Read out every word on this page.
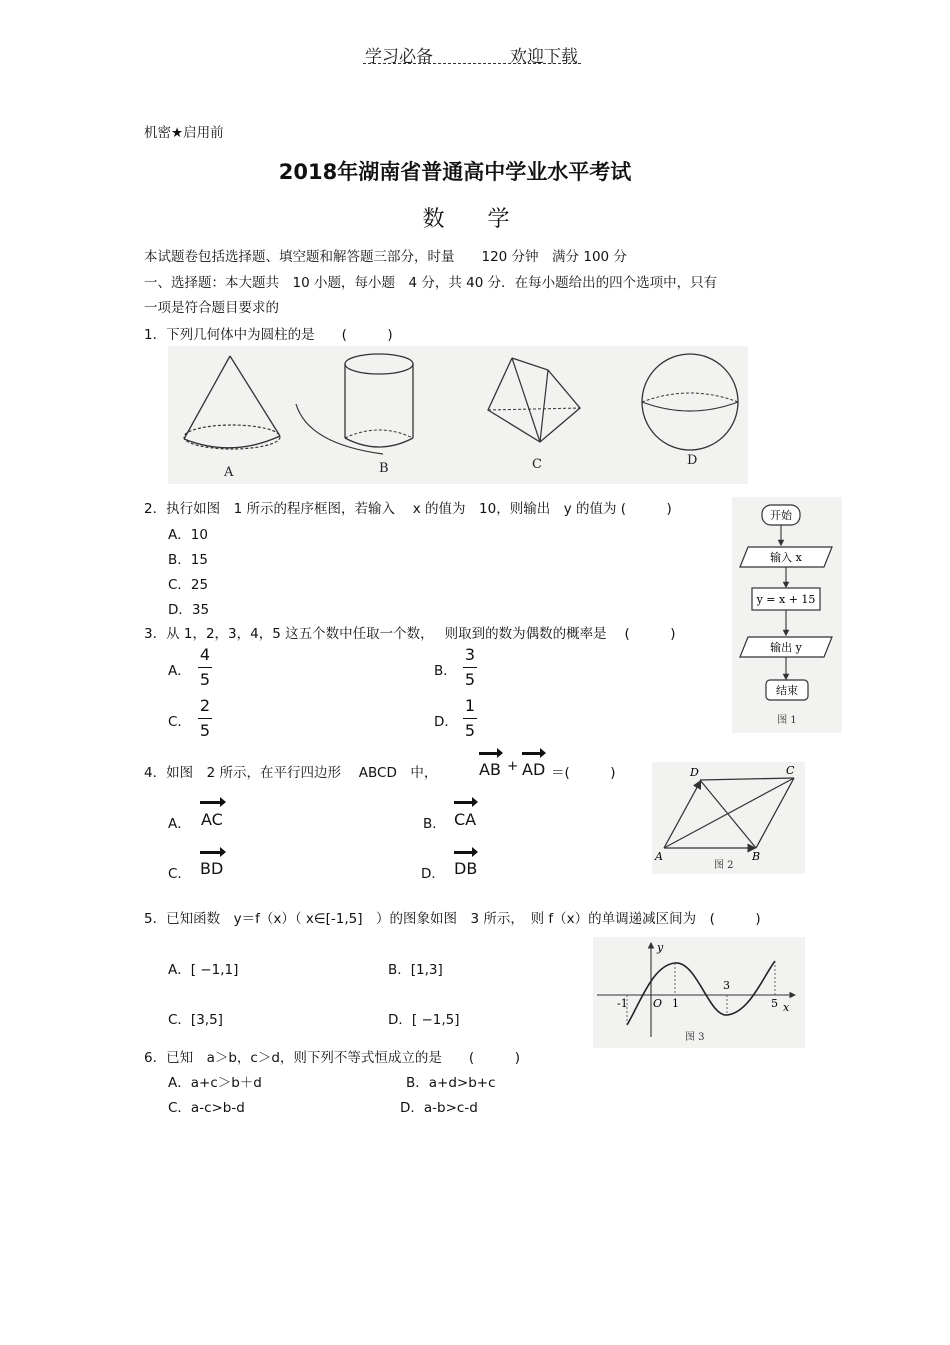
学习必备	欢迎下载
机密★启用前
2018年湖南省普通高中学业水平考试
数 学
本试题卷包括选择题、填空题和解答题三部分，时量　　120 分钟　满分 100 分
一、选择题：本大题共　10 小题，每小题　4 分，共 40 分．在每小题给出的四个选项中，只有
一项是符合题目要求的
1．下列几何体中为圆柱的是　　(　　　)
A	B	C	D
2．执行如图　1 所示的程序框图，若输入　 x 的值为　10，则输出　y 的值为 (　　　)
A．10
B．15
C．25
D．35
开始
输入 x
y = x + 15
输出 y
结束
图 1
3．从 1，2，3，4，5 这五个数中任取一个数，　 则取到的数为偶数的概率是　 (　　　)
A．
4
5	B．
3
5
C．
2
5	D．
1
5
4．如图　2 所示，在平行四边形　 ABCD　中，	AB + AD ＝(　　　)
A． AC	B． CA
C． BD	D． DB
A	B
C
D
图 2
5．已知函数　y＝f（x）（ x∈[-1,5]　）的图象如图　3 所示，　则 f（x）的单调递减区间为　(　　　)
A．[ −1,1]	B．[1,3]
C．[3,5]	D．[ −1,5]
y
x
O
-1	1
3
5
图 3
6．已知　a＞b，c＞d，则下列不等式恒成立的是　　(　　　)
A．a+c＞b＋d	B．a+d>b+c
C．a-c>b-d	D．a-b>c-d
